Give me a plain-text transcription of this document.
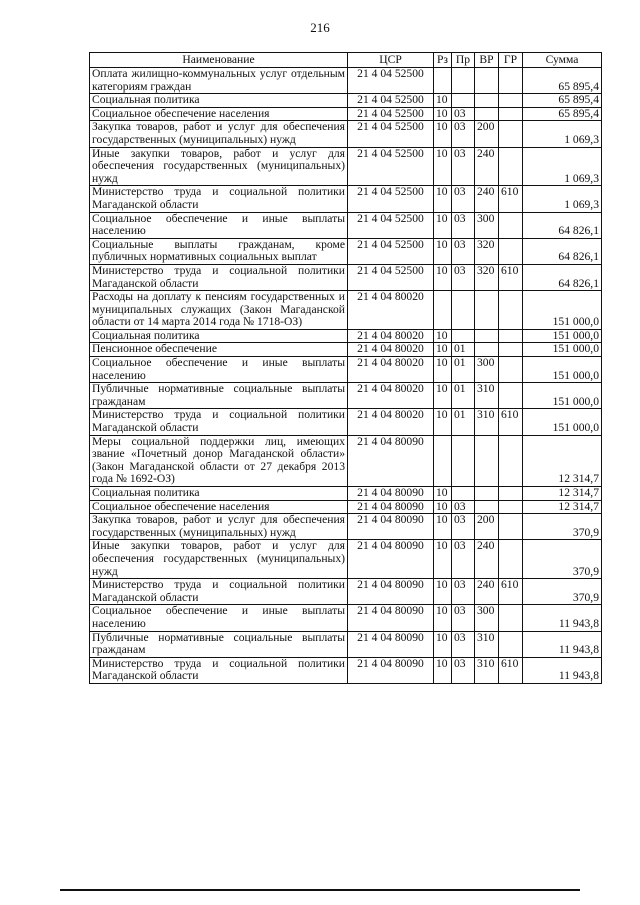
216
Наименование	ЦСР	Рз	Пр	ВР	ГР	Сумма
Оплата жилищно-коммунальных услуг отдельным категориям граждан	21 4 04 52500					65 895,4
Социальная политика	21 4 04 52500	10				65 895,4
Социальное обеспечение населения	21 4 04 52500	10	03			65 895,4
Закупка товаров, работ и услуг для обеспечения государственных (муниципальных) нужд	21 4 04 52500	10	03	200		1 069,3
Иные закупки товаров, работ и услуг для обеспечения государственных (муниципальных) нужд	21 4 04 52500	10	03	240		1 069,3
Министерство труда и социальной политики Магаданской области	21 4 04 52500	10	03	240	610	1 069,3
Социальное обеспечение и иные выплаты населению	21 4 04 52500	10	03	300		64 826,1
Социальные выплаты гражданам, кроме публичных нормативных социальных выплат	21 4 04 52500	10	03	320		64 826,1
Министерство труда и социальной политики Магаданской области	21 4 04 52500	10	03	320	610	64 826,1
Расходы на доплату к пенсиям государственных и муниципальных служащих (Закон Магаданской области от 14 марта 2014 года № 1718-ОЗ)	21 4 04 80020					151 000,0
Социальная политика	21 4 04 80020	10				151 000,0
Пенсионное обеспечение	21 4 04 80020	10	01			151 000,0
Социальное обеспечение и иные выплаты населению	21 4 04 80020	10	01	300		151 000,0
Публичные нормативные социальные выплаты гражданам	21 4 04 80020	10	01	310		151 000,0
Министерство труда и социальной политики Магаданской области	21 4 04 80020	10	01	310	610	151 000,0
Меры социальной поддержки лиц, имеющих звание «Почетный донор Магаданской области» (Закон Магаданской области от 27 декабря 2013 года № 1692-ОЗ)	21 4 04 80090					12 314,7
Социальная политика	21 4 04 80090	10				12 314,7
Социальное обеспечение населения	21 4 04 80090	10	03			12 314,7
Закупка товаров, работ и услуг для обеспечения государственных (муниципальных) нужд	21 4 04 80090	10	03	200		370,9
Иные закупки товаров, работ и услуг для обеспечения государственных (муниципальных) нужд	21 4 04 80090	10	03	240		370,9
Министерство труда и социальной политики Магаданской области	21 4 04 80090	10	03	240	610	370,9
Социальное обеспечение и иные выплаты населению	21 4 04 80090	10	03	300		11 943,8
Публичные нормативные социальные выплаты гражданам	21 4 04 80090	10	03	310		11 943,8
Министерство труда и социальной политики Магаданской области	21 4 04 80090	10	03	310	610	11 943,8
